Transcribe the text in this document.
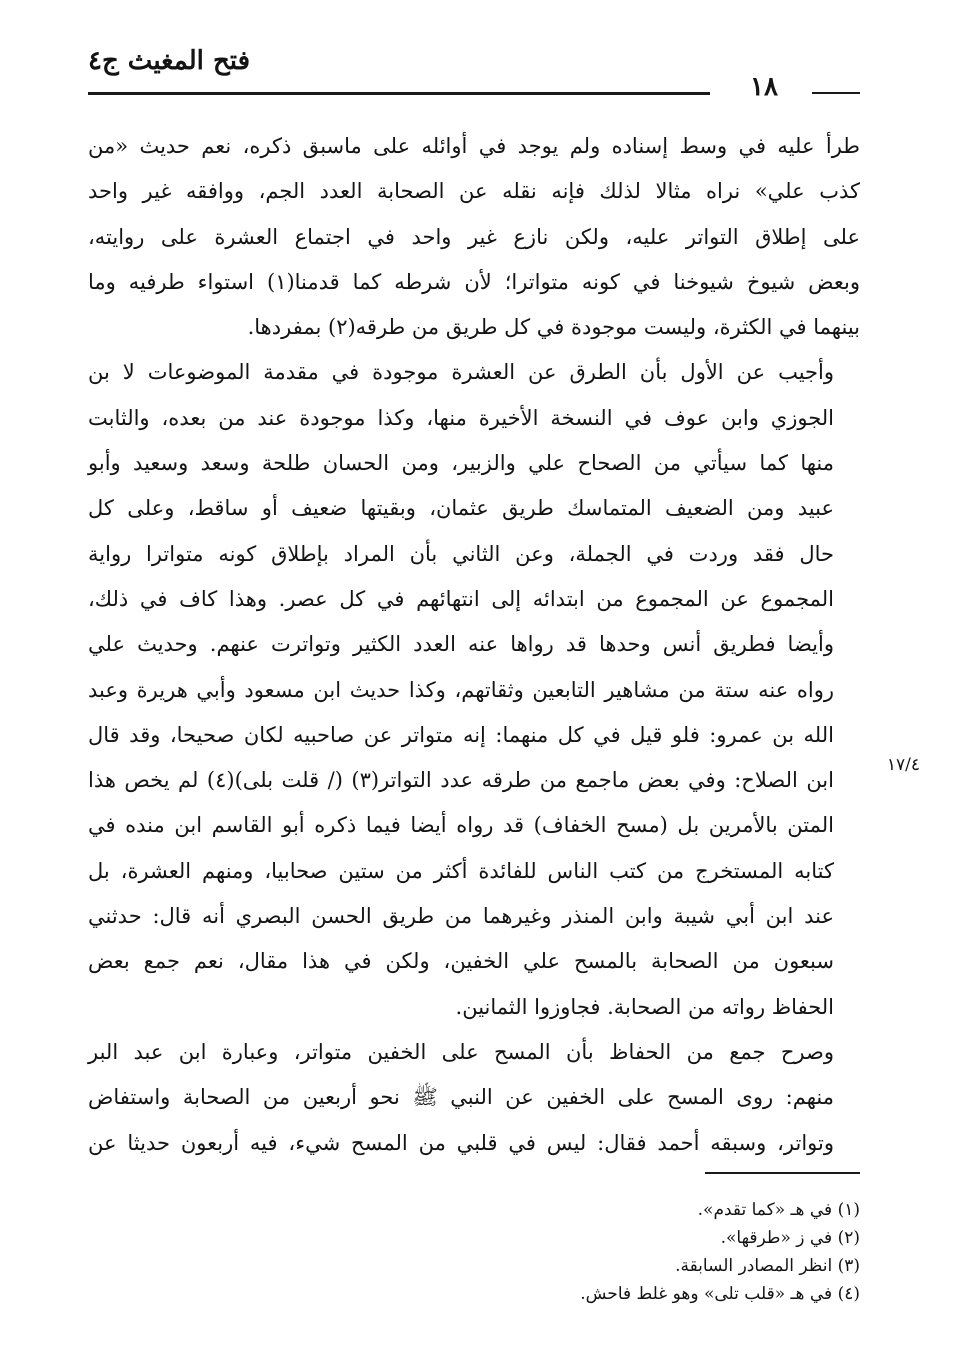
فتح المغيث ج٤
١٨
١٧/٤

طرأ عليه في وسط إسناده ولم يوجد في أوائله على ماسبق ذكره، نعم حديث «من
كذب علي» نراه مثالا لذلك فإنه نقله عن الصحابة العدد الجم، ووافقه غير واحد
على إطلاق التواتر عليه، ولكن نازع غير واحد في اجتماع العشرة على روايته،
وبعض شيوخ شيوخنا في كونه متواترا؛ لأن شرطه كما قدمنا(١) استواء طرفيه وما
بينهما في الكثرة، وليست موجودة في كل طريق من طرقه(٢) بمفردها.

وأجيب عن الأول بأن الطرق عن العشرة موجودة في مقدمة الموضوعات لا بن
الجوزي وابن عوف في النسخة الأخيرة منها، وكذا موجودة عند من بعده، والثابت
منها كما سيأتي من الصحاح علي والزبير، ومن الحسان طلحة وسعد وسعيد وأبو
عبيد ومن الضعيف المتماسك طريق عثمان، وبقيتها ضعيف أو ساقط، وعلى كل
حال فقد وردت في الجملة، وعن الثاني بأن المراد بإطلاق كونه متواترا رواية
المجموع عن المجموع من ابتدائه إلى انتهائهم في كل عصر. وهذا كاف في ذلك،
وأيضا فطريق أنس وحدها قد رواها عنه العدد الكثير وتواترت عنهم. وحديث علي
رواه عنه ستة من مشاهير التابعين وثقاتهم، وكذا حديث ابن مسعود وأبي هريرة وعبد
الله بن عمرو: فلو قيل في كل منهما: إنه متواتر عن صاحبيه لكان صحيحا، وقد قال
ابن الصلاح: وفي بعض ماجمع من طرقه عدد التواتر(٣) (/ قلت بلى)(٤) لم يخص هذا
المتن بالأمرين بل (مسح الخفاف) قد رواه أيضا فيما ذكره أبو القاسم ابن منده في
كتابه المستخرج من كتب الناس للفائدة أكثر من ستين صحابيا، ومنهم العشرة، بل
عند ابن أبي شيبة وابن المنذر وغيرهما من طريق الحسن البصري أنه قال: حدثني
سبعون من الصحابة بالمسح علي الخفين، ولكن في هذا مقال، نعم جمع بعض
الحفاظ رواته من الصحابة. فجاوزوا الثمانين.

وصرح جمع من الحفاظ بأن المسح على الخفين متواتر، وعبارة ابن عبد البر
منهم: روى المسح على الخفين عن النبي ﷺ نحو أربعين من الصحابة واستفاض
وتواتر، وسبقه أحمد فقال: ليس في قلبي من المسح شيء، فيه أربعون حديثا عن

(١) في هـ «كما تقدم».
(٢) في ز «طرقها».
(٣) انظر المصادر السابقة.
(٤) في هـ «قلب تلى» وهو غلط فاحش.
